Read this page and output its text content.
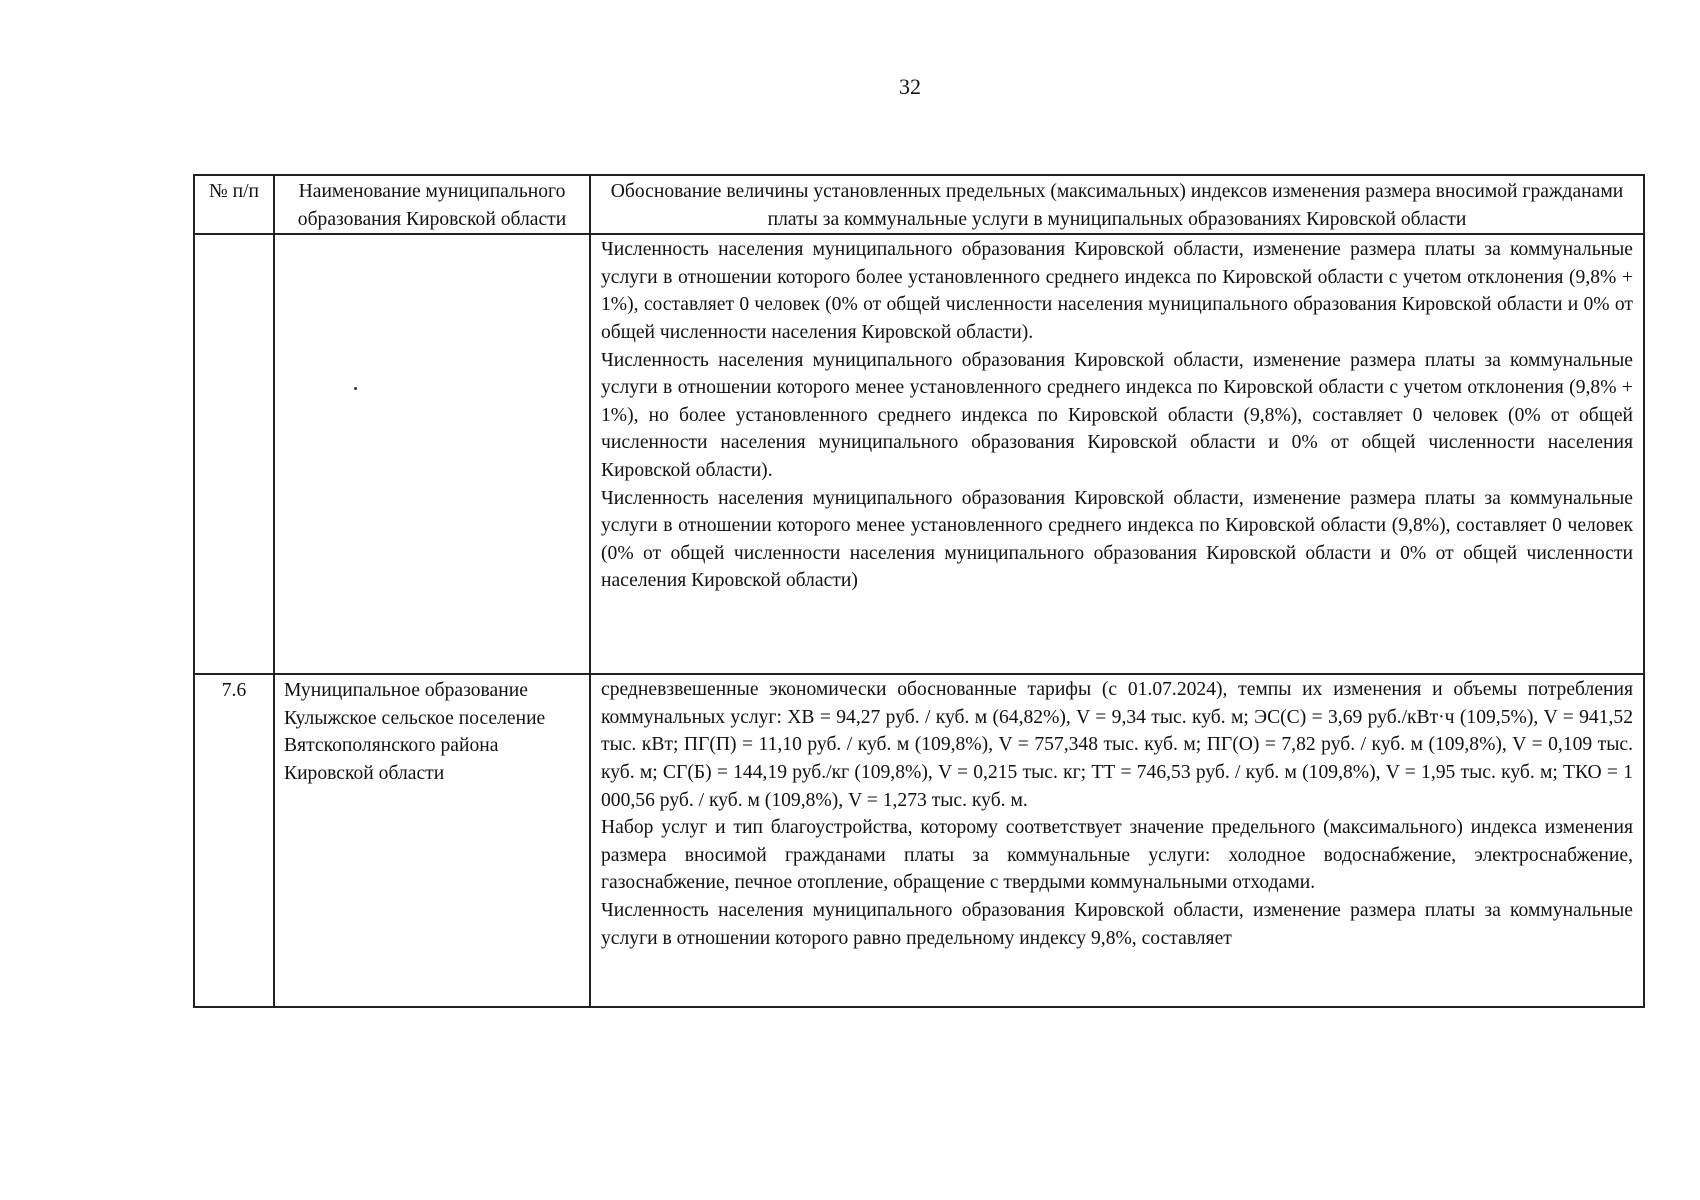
32
№ п/п	Наименование муниципального образования Кировской области	Обоснование величины установленных предельных (максимальных) индексов изменения размера вносимой гражданами платы за коммунальные услуги в муниципальных образованиях Кировской области

		Численность населения муниципального образования Кировской области, изменение размера платы за коммунальные услуги в отношении которого более установленного среднего индекса по Кировской области с учетом отклонения (9,8% + 1%), составляет 0 человек (0% от общей численности населения муниципального образования Кировской области и 0% от общей численности населения Кировской области).

Численность населения муниципального образования Кировской области, изменение размера платы за коммунальные услуги в отношении которого менее установленного среднего индекса по Кировской области с учетом отклонения (9,8% + 1%), но более установленного среднего индекса по Кировской области (9,8%), составляет 0 человек (0% от общей численности населения муниципального образования Кировской области и 0% от общей численности населения Кировской области).

Численность населения муниципального образования Кировской области, изменение размера платы за коммунальные услуги в отношении которого менее установленного среднего индекса по Кировской области (9,8%), составляет 0 человек (0% от общей численности населения муниципального образования Кировской области и 0% от общей численности населения Кировской области)

7.6	Муниципальное образование Кулыжское сельское поселение Вятскополянского района Кировской области	средневзвешенные экономически обоснованные тарифы (с 01.07.2024), темпы их изменения и объемы потребления коммунальных услуг: ХВ = 94,27 руб. / куб. м (64,82%), V = 9,34 тыс. куб. м; ЭС(С) = 3,69 руб./кВт·ч (109,5%), V = 941,52 тыс. кВт; ПГ(П) = 11,10 руб. / куб. м (109,8%), V = 757,348 тыс. куб. м; ПГ(О) = 7,82 руб. / куб. м (109,8%), V = 0,109 тыс. куб. м; СГ(Б) = 144,19 руб./кг (109,8%), V = 0,215 тыс. кг; ТТ = 746,53 руб. / куб. м (109,8%), V = 1,95 тыс. куб. м; ТКО = 1 000,56 руб. / куб. м (109,8%), V = 1,273 тыс. куб. м.

Набор услуг и тип благоустройства, которому соответствует значение предельного (максимального) индекса изменения размера вносимой гражданами платы за коммунальные услуги: холодное водоснабжение, электроснабжение, газоснабжение, печное отопление, обращение с твердыми коммунальными отходами.

Численность населения муниципального образования Кировской области, изменение размера платы за коммунальные услуги в отношении которого равно предельному индексу 9,8%, составляет
